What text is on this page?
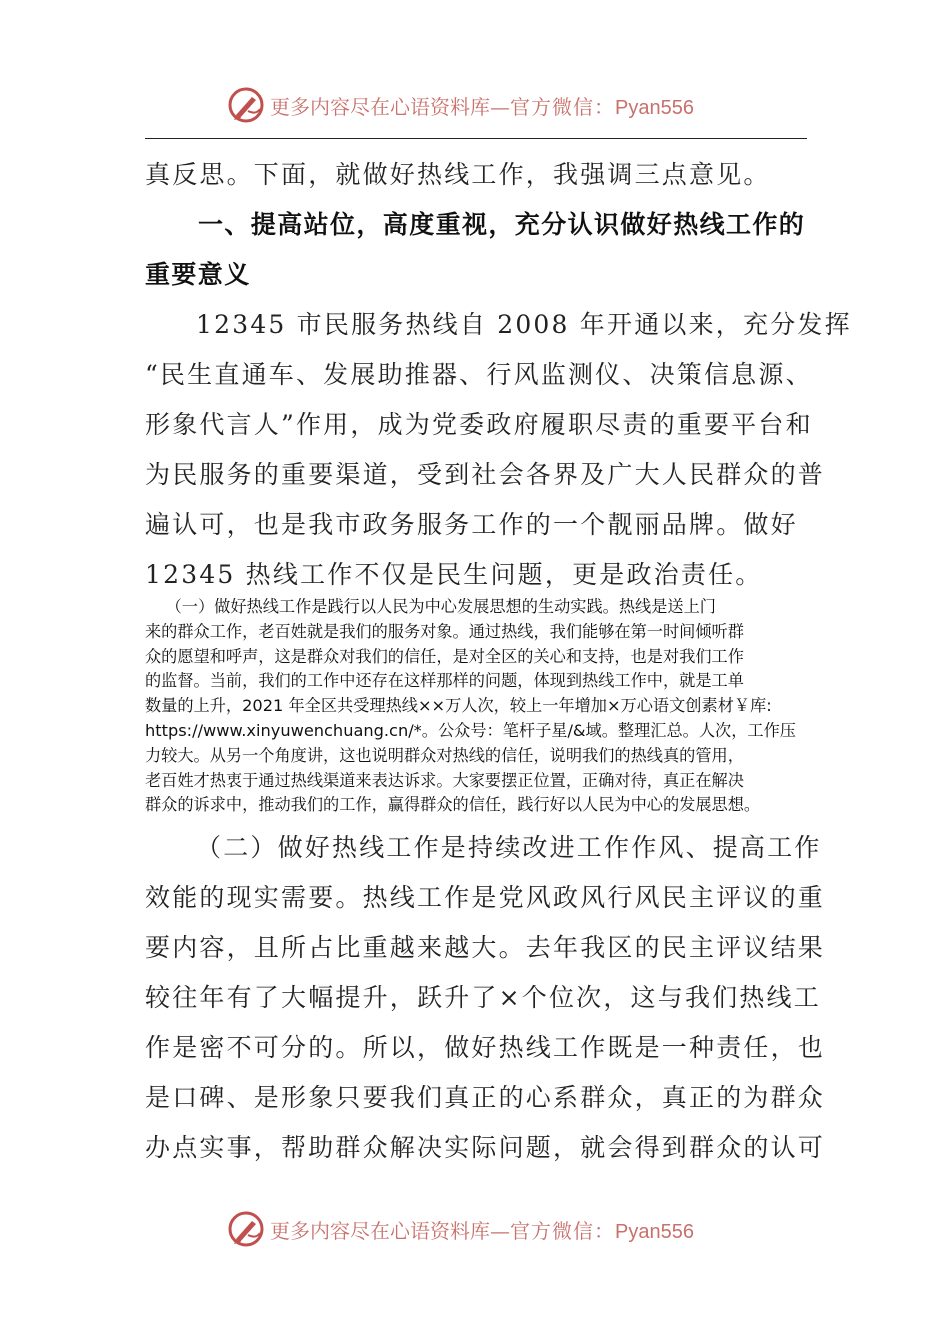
更多内容尽在心语资料库—官方微信：Pyan556
真反思。下面，就做好热线工作，我强调三点意见。
一、提高站位，高度重视，充分认识做好热线工作的
重要意义
12345 市民服务热线自 2008 年开通以来，充分发挥
“民生直通车、发展助推器、行风监测仪、决策信息源、
形象代言人”作用，成为党委政府履职尽责的重要平台和
为民服务的重要渠道，受到社会各界及广大人民群众的普
遍认可，也是我市政务服务工作的一个靓丽品牌。做好
12345 热线工作不仅是民生问题，更是政治责任。
（一）做好热线工作是践行以人民为中心发展思想的生动实践。热线是送上门
来的群众工作，老百姓就是我们的服务对象。通过热线，我们能够在第一时间倾听群
众的愿望和呼声，这是群众对我们的信任，是对全区的关心和支持，也是对我们工作
的监督。当前，我们的工作中还存在这样那样的问题，体现到热线工作中，就是工单
数量的上升，2021 年全区共受理热线××万人次，较上一年增加×万心语文创素材￥库:
https://www.xinyuwenchuang.cn/*。公众号：笔杆子星/&域。整理汇总。人次，工作压
力较大。从另一个角度讲，这也说明群众对热线的信任，说明我们的热线真的管用，
老百姓才热衷于通过热线渠道来表达诉求。大家要摆正位置，正确对待，真正在解决
群众的诉求中，推动我们的工作，赢得群众的信任，践行好以人民为中心的发展思想。
（二）做好热线工作是持续改进工作作风、提高工作
效能的现实需要。热线工作是党风政风行风民主评议的重
要内容，且所占比重越来越大。去年我区的民主评议结果
较往年有了大幅提升，跃升了×个位次，这与我们热线工
作是密不可分的。所以，做好热线工作既是一种责任，也
是口碑、是形象只要我们真正的心系群众，真正的为群众
办点实事，帮助群众解决实际问题，就会得到群众的认可
更多内容尽在心语资料库—官方微信：Pyan556
